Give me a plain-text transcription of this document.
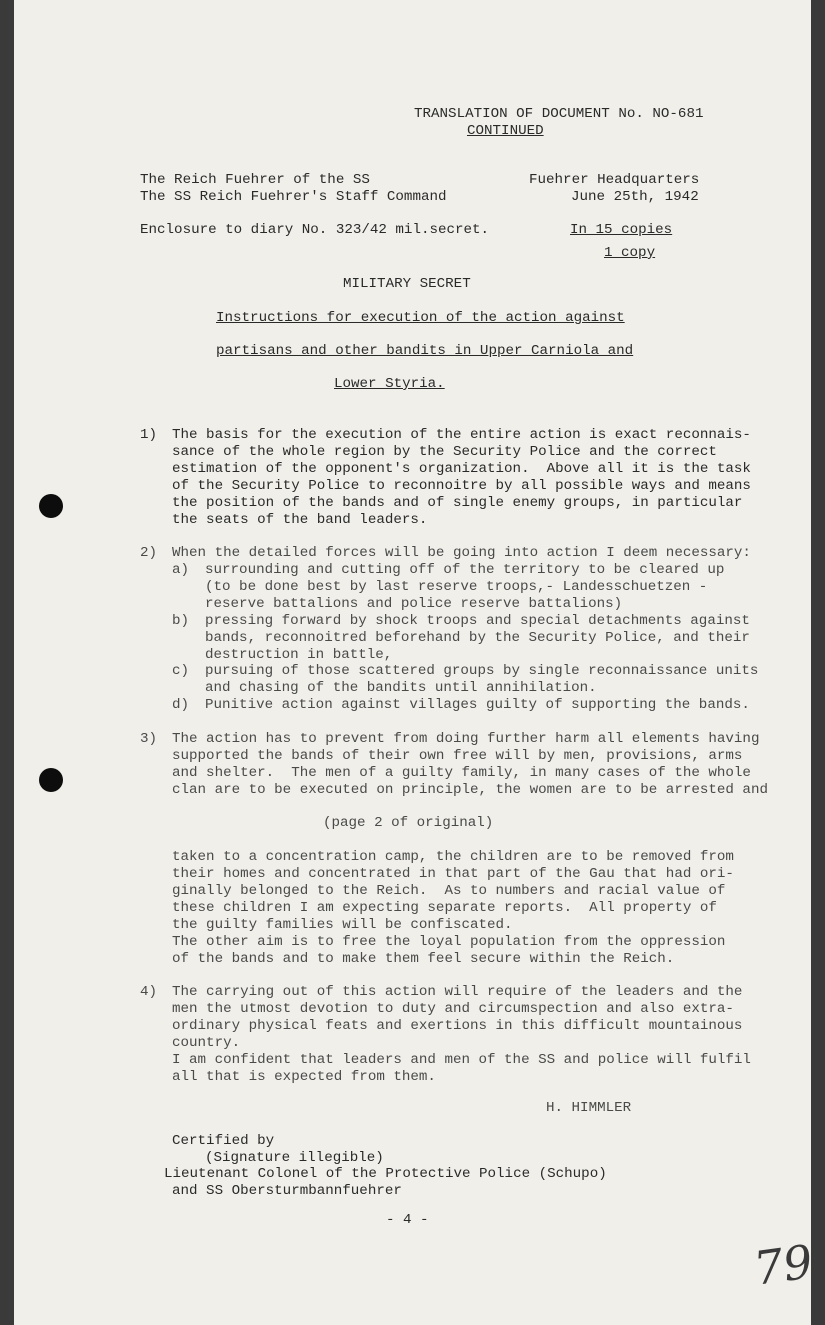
TRANSLATION OF DOCUMENT No. NO-681
CONTINUED
The Reich Fuehrer of the SS
The SS Reich Fuehrer's Staff Command
Enclosure to diary No. 323/42 mil.secret.
Fuehrer Headquarters
June 25th, 1942
In 15 copies
1 copy
MILITARY SECRET
Instructions for execution of the action against
partisans and other bandits in Upper Carniola and
Lower Styria.
1) The basis for the execution of the entire action is exact reconnais-
sance of the whole region by the Security Police and the correct
estimation of the opponent's organization.  Above all it is the task
of the Security Police to reconnoitre by all possible ways and means
the position of the bands and of single enemy groups, in particular
the seats of the band leaders.
2) When the detailed forces will be going into action I deem necessary:
a) surrounding and cutting off of the territory to be cleared up
(to be done best by last reserve troops,- Landesschuetzen -
reserve battalions and police reserve battalions)
b) pressing forward by shock troops and special detachments against
bands, reconnoitred beforehand by the Security Police, and their
destruction in battle,
c) pursuing of those scattered groups by single reconnaissance units
and chasing of the bandits until annihilation.
d) Punitive action against villages guilty of supporting the bands.
3) The action has to prevent from doing further harm all elements having
supported the bands of their own free will by men, provisions, arms
and shelter.  The men of a guilty family, in many cases of the whole
clan are to be executed on principle, the women are to be arrested and
(page 2 of original)
taken to a concentration camp, the children are to be removed from
their homes and concentrated in that part of the Gau that had ori-
ginally belonged to the Reich.  As to numbers and racial value of
these children I am expecting separate reports.  All property of
the guilty families will be confiscated.
The other aim is to free the loyal population from the oppression
of the bands and to make them feel secure within the Reich.
4) The carrying out of this action will require of the leaders and the
men the utmost devotion to duty and circumspection and also extra-
ordinary physical feats and exertions in this difficult mountainous
country.
I am confident that leaders and men of the SS and police will fulfil
all that is expected from them.
H. HIMMLER
Certified by
(Signature illegible)
Lieutenant Colonel of the Protective Police (Schupo)
and SS Obersturmbannfuehrer
- 4 -
79
